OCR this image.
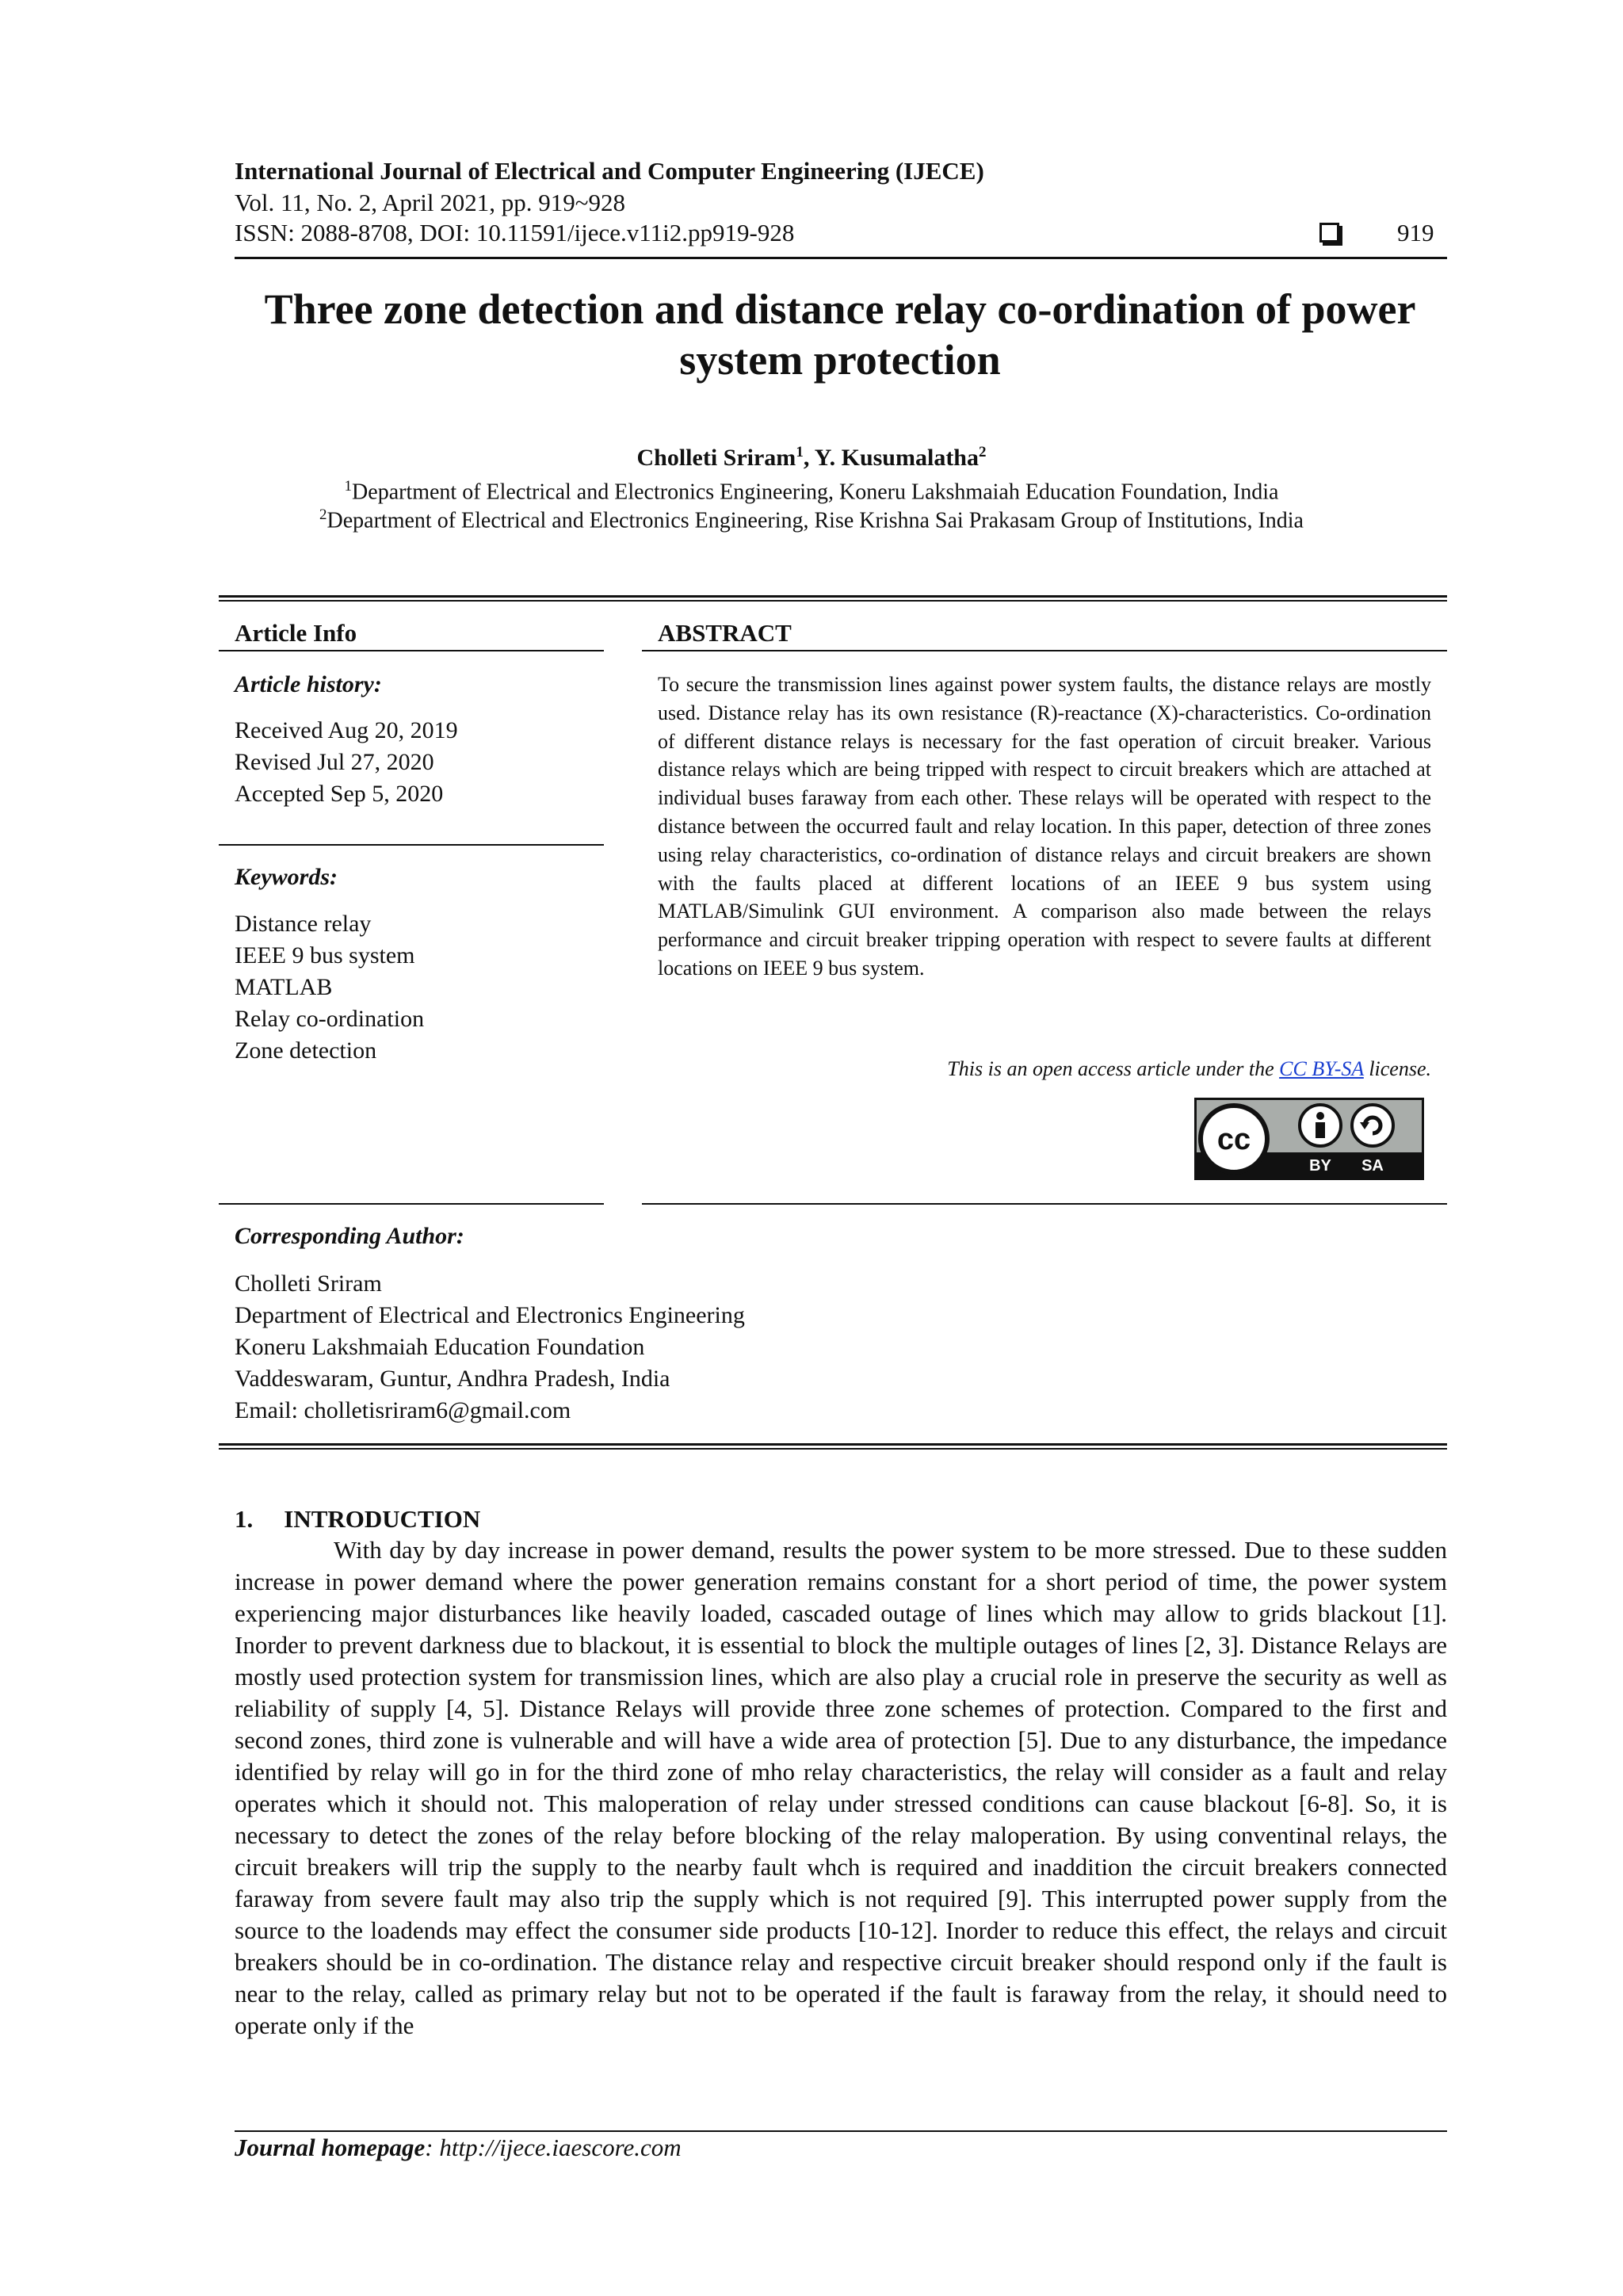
International Journal of Electrical and Computer Engineering (IJECE)
Vol. 11, No. 2, April 2021, pp. 919~928
ISSN: 2088-8708, DOI: 10.11591/ijece.v11i2.pp919-928	919
Three zone detection and distance relay co-ordination of power
system protection
Cholleti Sriram$^1$, Y. Kusumalatha$^2$
$^1$Department of Electrical and Electronics Engineering, Koneru Lakshmaiah Education Foundation, India
$^2$Department of Electrical and Electronics Engineering, Rise Krishna Sai Prakasam Group of Institutions, India
Article Info	ABSTRACT
Article history:
Received Aug 20, 2019
Revised Jul 27, 2020
Accepted Sep 5, 2020
Keywords:
Distance relay
IEEE 9 bus system
MATLAB
Relay co-ordination
Zone detection
To secure the transmission lines against power system faults, the distance relays are mostly used. Distance relay has its own resistance (R)-reactance (X)-characteristics. Co-ordination of different distance relays is necessary for the fast operation of circuit breaker. Various distance relays which are being tripped with respect to circuit breakers which are attached at individual buses faraway from each other. These relays will be operated with respect to the distance between the occurred fault and relay location. In this paper, detection of three zones using relay characteristics, co-ordination of distance relays and circuit breakers are shown with the faults placed at different locations of an IEEE 9 bus system using MATLAB/Simulink GUI environment. A comparison also made between the relays performance and circuit breaker tripping operation with respect to severe faults at different locations on IEEE 9 bus system.
This is an open access article under the CC BY-SA license.
cc
BY SA
Corresponding Author:
Cholleti Sriram
Department of Electrical and Electronics Engineering
Koneru Lakshmaiah Education Foundation
Vaddeswaram, Guntur, Andhra Pradesh, India
Email: cholletisriram6@gmail.com
1. INTRODUCTION
With day by day increase in power demand, results the power system to be more stressed. Due to these sudden increase in power demand where the power generation remains constant for a short period of time, the power system experiencing major disturbances like heavily loaded, cascaded outage of lines which may allow to grids blackout [1]. Inorder to prevent darkness due to blackout, it is essential to block the multiple outages of lines [2, 3]. Distance Relays are mostly used protection system for transmission lines, which are also play a crucial role in preserve the security as well as reliability of supply [4, 5]. Distance Relays will provide three zone schemes of protection. Compared to the first and second zones, third zone is vulnerable and will have a wide area of protection [5]. Due to any disturbance, the impedance identified by relay will go in for the third zone of mho relay characteristics, the relay will consider as a fault and relay operates which it should not. This maloperation of relay under stressed conditions can cause blackout [6-8]. So, it is necessary to detect the zones of the relay before blocking of the relay maloperation. By using conventinal relays, the circuit breakers will trip the supply to the nearby fault whch is required and inaddition the circuit breakers connected faraway from severe fault may also trip the supply which is not required [9]. This interrupted power supply from the source to the loadends may effect the consumer side products [10-12]. Inorder to reduce this effect, the relays and circuit breakers should be in co-ordination. The distance relay and respective circuit breaker should respond only if the fault is near to the relay, called as primary relay but not to be operated if the fault is faraway from the relay, it should need to operate only if the
Journal homepage: http://ijece.iaescore.com
